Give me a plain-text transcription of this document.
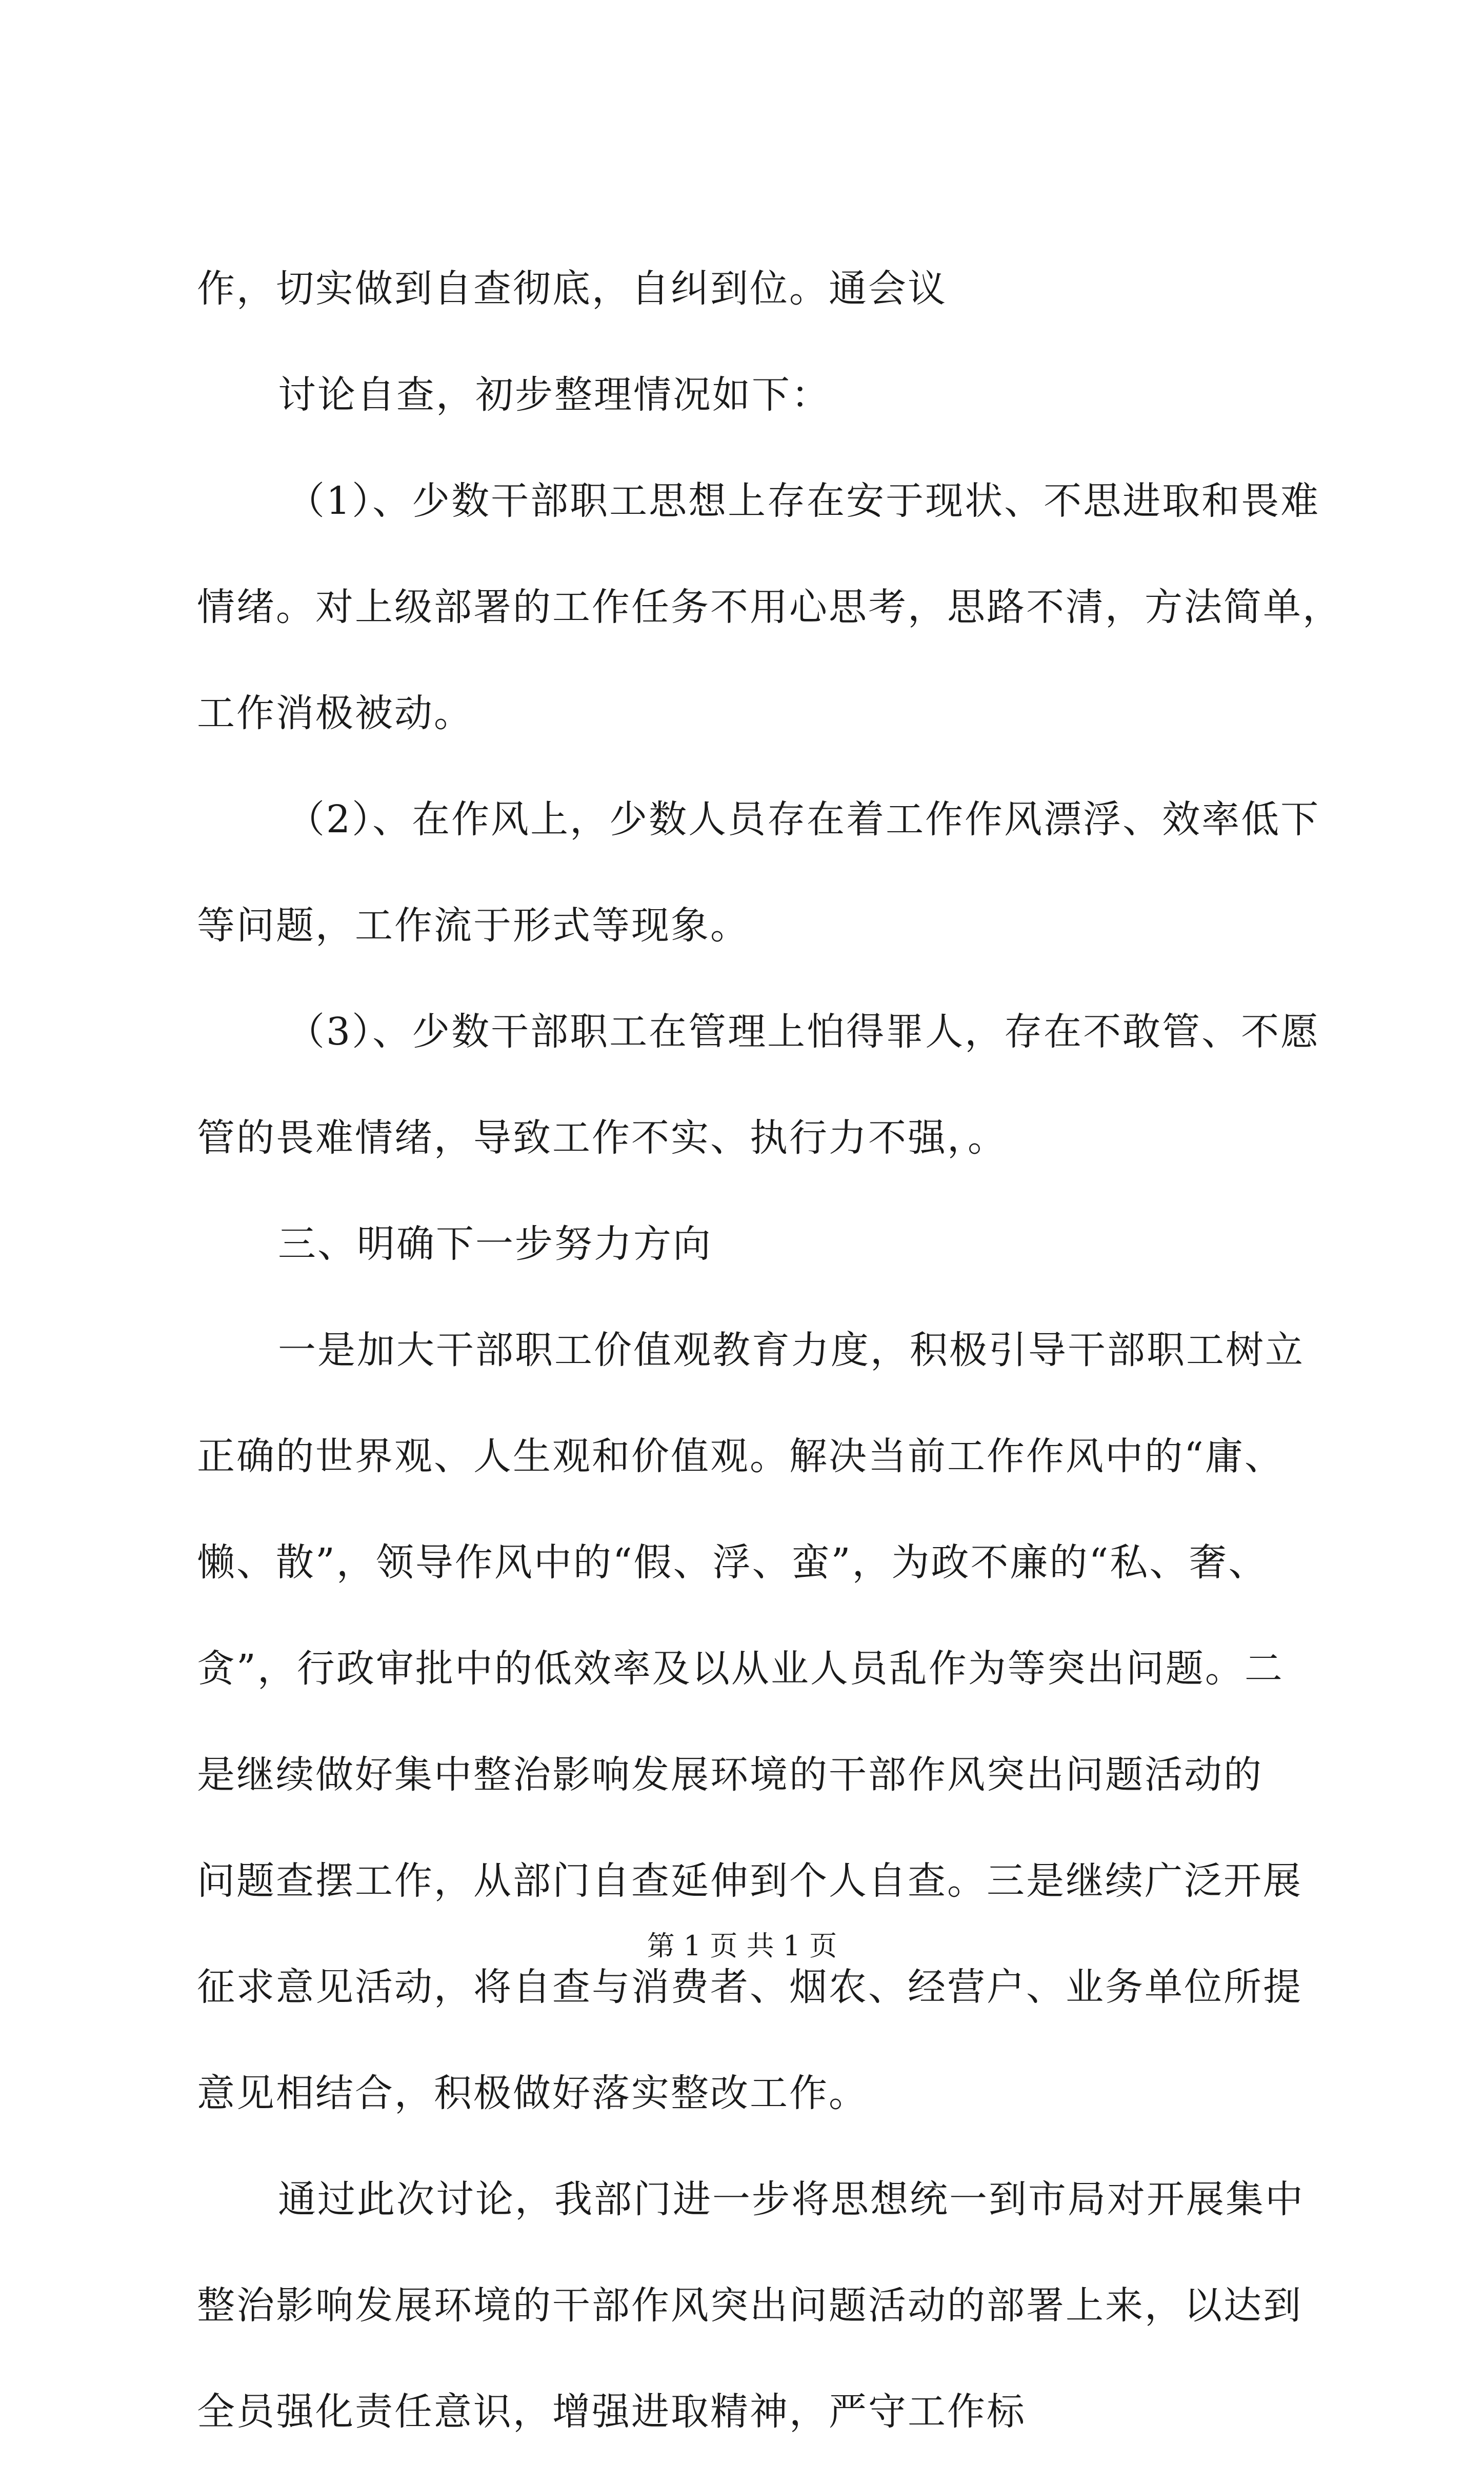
作，切实做到自查彻底，自纠到位。通会议
讨论自查，初步整理情况如下：
（1）、少数干部职工思想上存在安于现状、不思进取和畏难
情绪。对上级部署的工作任务不用心思考，思路不清，方法简单，
工作消极被动。
（2）、在作风上，少数人员存在着工作作风漂浮、效率低下
等问题，工作流于形式等现象。
（3）、少数干部职工在管理上怕得罪人，存在不敢管、不愿
管的畏难情绪，导致工作不实、执行力不强，。
三、明确下一步努力方向
一是加大干部职工价值观教育力度，积极引导干部职工树立
正确的世界观、人生观和价值观。解决当前工作作风中的“庸、
懒、散”，领导作风中的“假、浮、蛮”，为政不廉的“私、奢、
贪”，行政审批中的低效率及以从业人员乱作为等突出问题。二
是继续做好集中整治影响发展环境的干部作风突出问题活动的
问题查摆工作，从部门自查延伸到个人自查。三是继续广泛开展
征求意见活动，将自查与消费者、烟农、经营户、业务单位所提
意见相结合，积极做好落实整改工作。
通过此次讨论，我部门进一步将思想统一到市局对开展集中
整治影响发展环境的干部作风突出问题活动的部署上来，以达到
全员强化责任意识，增强进取精神，严守工作标
第 1 页 共 1 页
